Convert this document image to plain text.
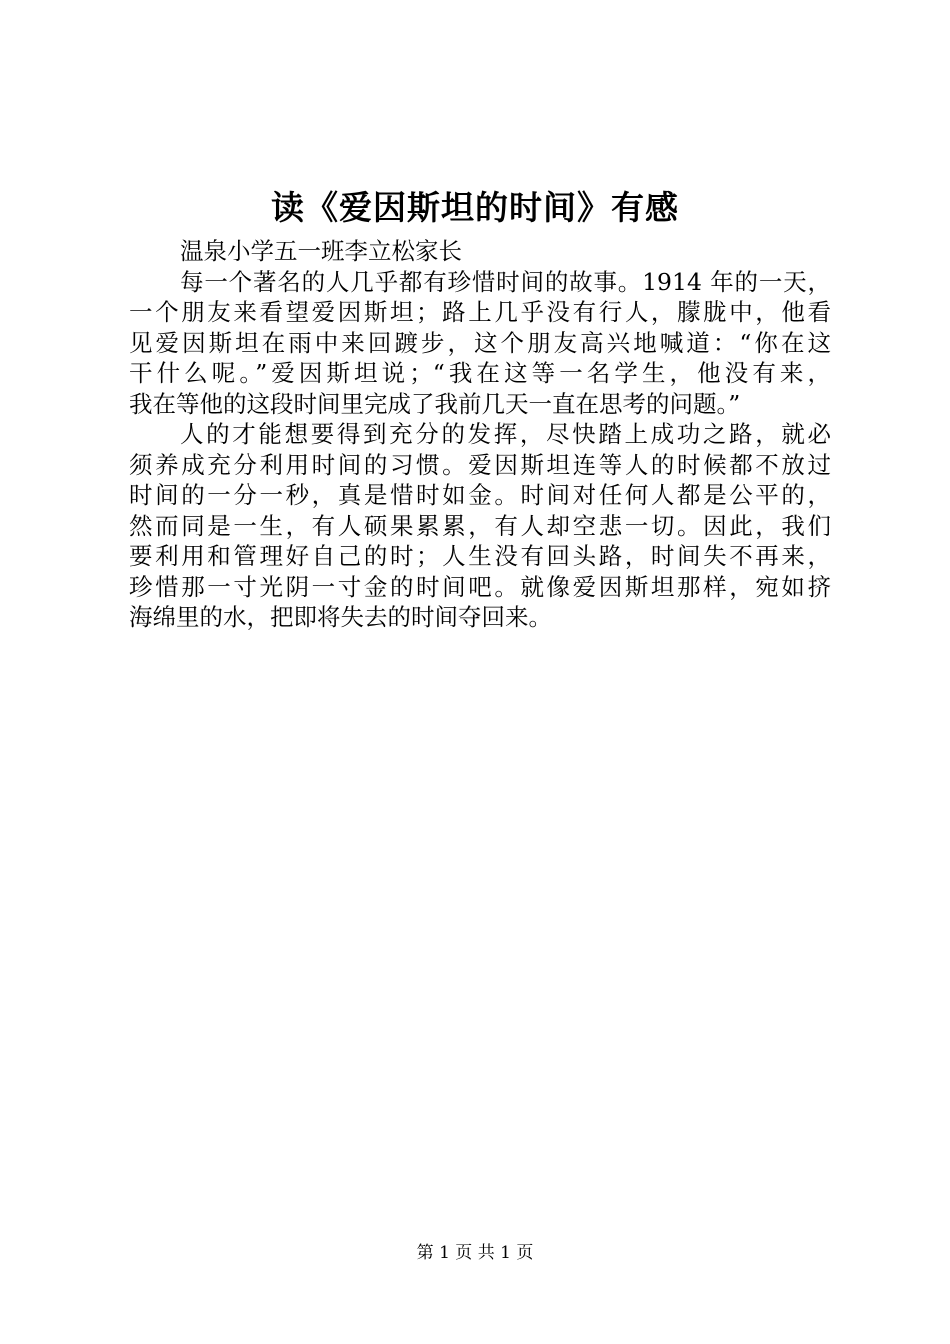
读《爱因斯坦的时间》有感
温泉小学五一班李立松家长
每一个著名的人几乎都有珍惜时间的故事。1914 年的一天，
一个朋友来看望爱因斯坦；路上几乎没有行人，朦胧中，他看
见爱因斯坦在雨中来回踱步，这个朋友高兴地喊道：“你在这
干什么呢。”爱因斯坦说；“我在这等一名学生，他没有来，
我在等他的这段时间里完成了我前几天一直在思考的问题。”
人的才能想要得到充分的发挥，尽快踏上成功之路，就必
须养成充分利用时间的习惯。爱因斯坦连等人的时候都不放过
时间的一分一秒，真是惜时如金。时间对任何人都是公平的，
然而同是一生，有人硕果累累，有人却空悲一切。因此，我们
要利用和管理好自己的时；人生没有回头路，时间失不再来，
珍惜那一寸光阴一寸金的时间吧。就像爱因斯坦那样，宛如挤
海绵里的水，把即将失去的时间夺回来。
第 1 页 共 1 页
